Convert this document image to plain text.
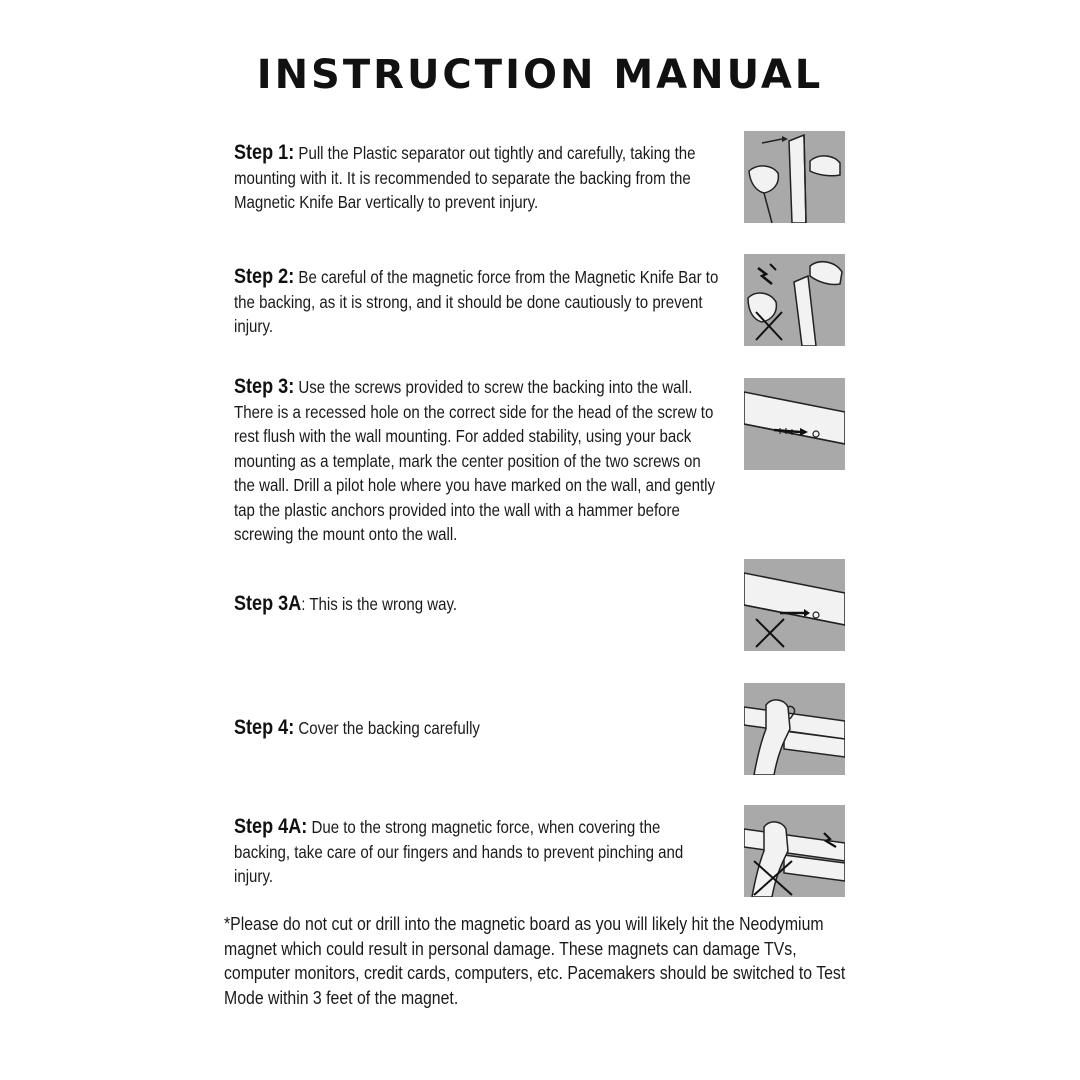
INSTRUCTION MANUAL
Step 1: Pull the Plastic separator out tightly and carefully, taking the mounting with it. It is recommended to separate the backing from the Magnetic Knife Bar vertically to prevent injury.
Step 2: Be careful of the magnetic force from the Magnetic Knife Bar to the backing, as it is strong, and it should be done cautiously to prevent injury.
Step 3: Use the screws provided to screw the backing into the wall. There is a recessed hole on the correct side for the head of the screw to rest flush with the wall mounting. For added stability, using your back mounting as a template, mark the center position of the two screws on the wall. Drill a pilot hole where you have marked on the wall, and gently tap the plastic anchors provided into the wall with a hammer before screwing the mount onto the wall.
Step 3A: This is the wrong way.
Step 4: Cover the backing carefully
Step 4A: Due to the strong magnetic force, when covering the backing, take care of our fingers and hands to prevent pinching and injury.
*Please do not cut or drill into the magnetic board as you will likely hit the Neodymium magnet which could result in personal damage. These magnets can damage TVs, computer monitors, credit cards, computers, etc. Pacemakers should be switched to Test Mode within 3 feet of the magnet.
